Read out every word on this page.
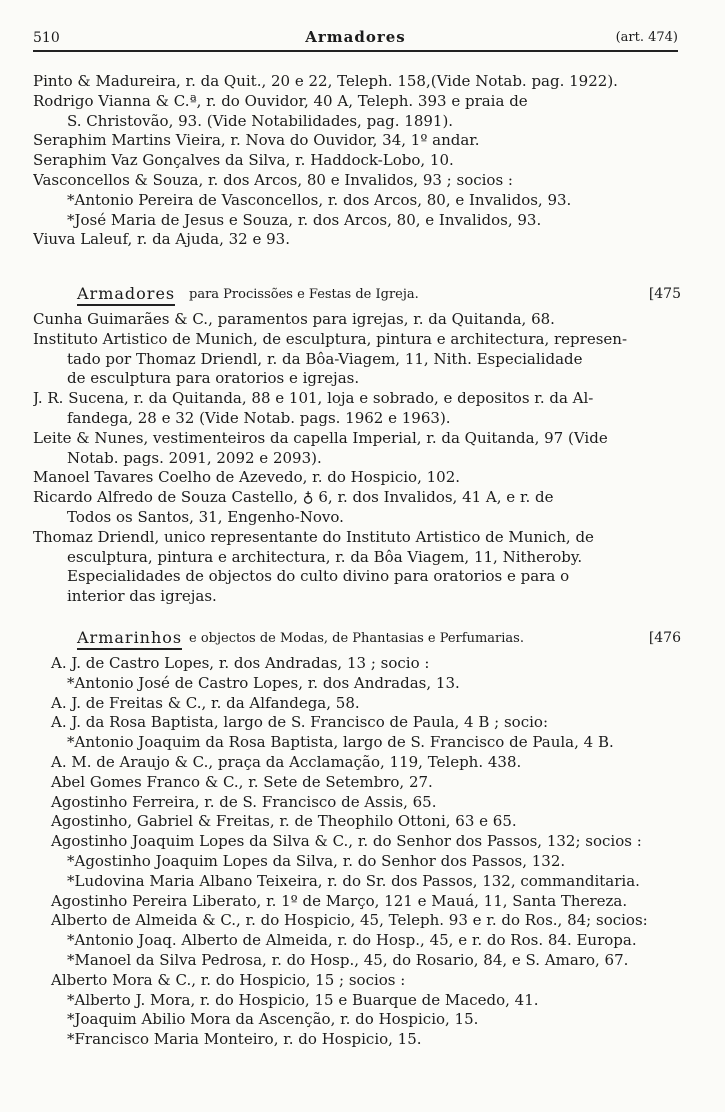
510	Armadores	(art. 474)
Pinto & Madureira, r. da Quit., 20 e 22, Teleph. 158,(Vide Notab. pag. 1922).
Rodrigo Vianna & C.ª, r. do Ouvidor, 40 A, Teleph. 393 e praia de
S. Christovão, 93. (Vide Notabilidades, pag. 1891).
Seraphim Martins Vieira, r. Nova do Ouvidor, 34, 1º andar.
Seraphim Vaz Gonçalves da Silva, r. Haddock-Lobo, 10.
Vasconcellos & Souza, r. dos Arcos, 80 e Invalidos, 93 ; socios :
*Antonio Pereira de Vasconcellos, r. dos Arcos, 80, e Invalidos, 93.
*José Maria de Jesus e Souza, r. dos Arcos, 80, e Invalidos, 93.
Viuva Laleuf, r. da Ajuda, 32 e 93.
Armadores para Procissões e Festas de Igreja.	[475
Cunha Guimarães & C., paramentos para igrejas, r. da Quitanda, 68.
Instituto Artistico de Munich, de esculptura, pintura e architectura, represen-
tado por Thomaz Driendl, r. da Bôa-Viagem, 11, Nith. Especialidade
de esculptura para oratorios e igrejas.
J. R. Sucena, r. da Quitanda, 88 e 101, loja e sobrado, e depositos r. da Al-
fandega, 28 e 32 (Vide Notab. pags. 1962 e 1963).
Leite & Nunes, vestimenteiros da capella Imperial, r. da Quitanda, 97 (Vide
Notab. pags. 2091, 2092 e 2093).
Manoel Tavares Coelho de Azevedo, r. do Hospicio, 102.
Ricardo Alfredo de Souza Castello, ♁ 6, r. dos Invalidos, 41 A, e r. de
Todos os Santos, 31, Engenho-Novo.
Thomaz Driendl, unico representante do Instituto Artistico de Munich, de
esculptura, pintura e architectura, r. da Bôa Viagem, 11, Nitheroby.
Especialidades de objectos do culto divino para oratorios e para o
interior das igrejas.
Armarinhos e objectos de Modas, de Phantasias e Perfumarias.	[476
A. J. de Castro Lopes, r. dos Andradas, 13 ; socio :
*Antonio José de Castro Lopes, r. dos Andradas, 13.
A. J. de Freitas & C., r. da Alfandega, 58.
A. J. da Rosa Baptista, largo de S. Francisco de Paula, 4 B ; socio:
*Antonio Joaquim da Rosa Baptista, largo de S. Francisco de Paula, 4 B.
A. M. de Araujo & C., praça da Acclamação, 119, Teleph. 438.
Abel Gomes Franco & C., r. Sete de Setembro, 27.
Agostinho Ferreira, r. de S. Francisco de Assis, 65.
Agostinho, Gabriel & Freitas, r. de Theophilo Ottoni, 63 e 65.
Agostinho Joaquim Lopes da Silva & C., r. do Senhor dos Passos, 132; socios :
*Agostinho Joaquim Lopes da Silva, r. do Senhor dos Passos, 132.
*Ludovina Maria Albano Teixeira, r. do Sr. dos Passos, 132, commanditaria.
Agostinho Pereira Liberato, r. 1º de Março, 121 e Mauá, 11, Santa Thereza.
Alberto de Almeida & C., r. do Hospicio, 45, Teleph. 93 e r. do Ros., 84; socios:
*Antonio Joaq. Alberto de Almeida, r. do Hosp., 45, e r. do Ros. 84. Europa.
*Manoel da Silva Pedrosa, r. do Hosp., 45, do Rosario, 84, e S. Amaro, 67.
Alberto Mora & C., r. do Hospicio, 15 ; socios :
*Alberto J. Mora, r. do Hospicio, 15 e Buarque de Macedo, 41.
*Joaquim Abilio Mora da Ascenção, r. do Hospicio, 15.
*Francisco Maria Monteiro, r. do Hospicio, 15.
